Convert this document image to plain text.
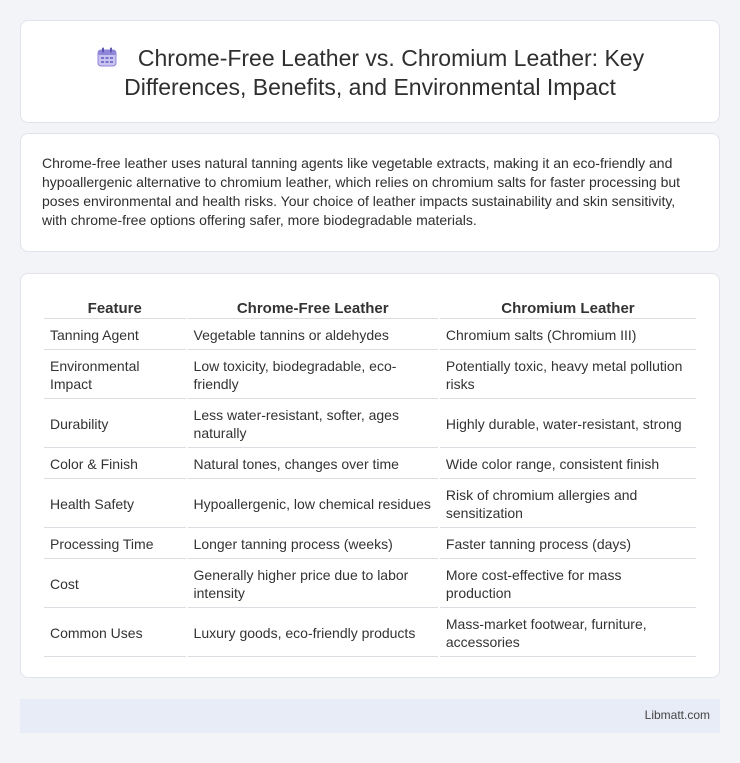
Chrome-Free Leather vs. Chromium Leather: Key
Differences, Benefits, and Environmental Impact

Chrome-free leather uses natural tanning agents like vegetable extracts, making it an eco-friendly and hypoallergenic alternative to chromium leather, which relies on chromium salts for faster processing but poses environmental and health risks. Your choice of leather impacts sustainability and skin sensitivity, with chrome-free options offering safer, more biodegradable materials.

Feature	Chrome-Free Leather	Chromium Leather
Tanning Agent	Vegetable tannins or aldehydes	Chromium salts (Chromium III)
Environmental Impact	Low toxicity, biodegradable, eco-friendly	Potentially toxic, heavy metal pollution risks
Durability	Less water-resistant, softer, ages naturally	Highly durable, water-resistant, strong
Color & Finish	Natural tones, changes over time	Wide color range, consistent finish
Health Safety	Hypoallergenic, low chemical residues	Risk of chromium allergies and sensitization
Processing Time	Longer tanning process (weeks)	Faster tanning process (days)
Cost	Generally higher price due to labor intensity	More cost-effective for mass production
Common Uses	Luxury goods, eco-friendly products	Mass-market footwear, furniture, accessories
Libmatt.com
